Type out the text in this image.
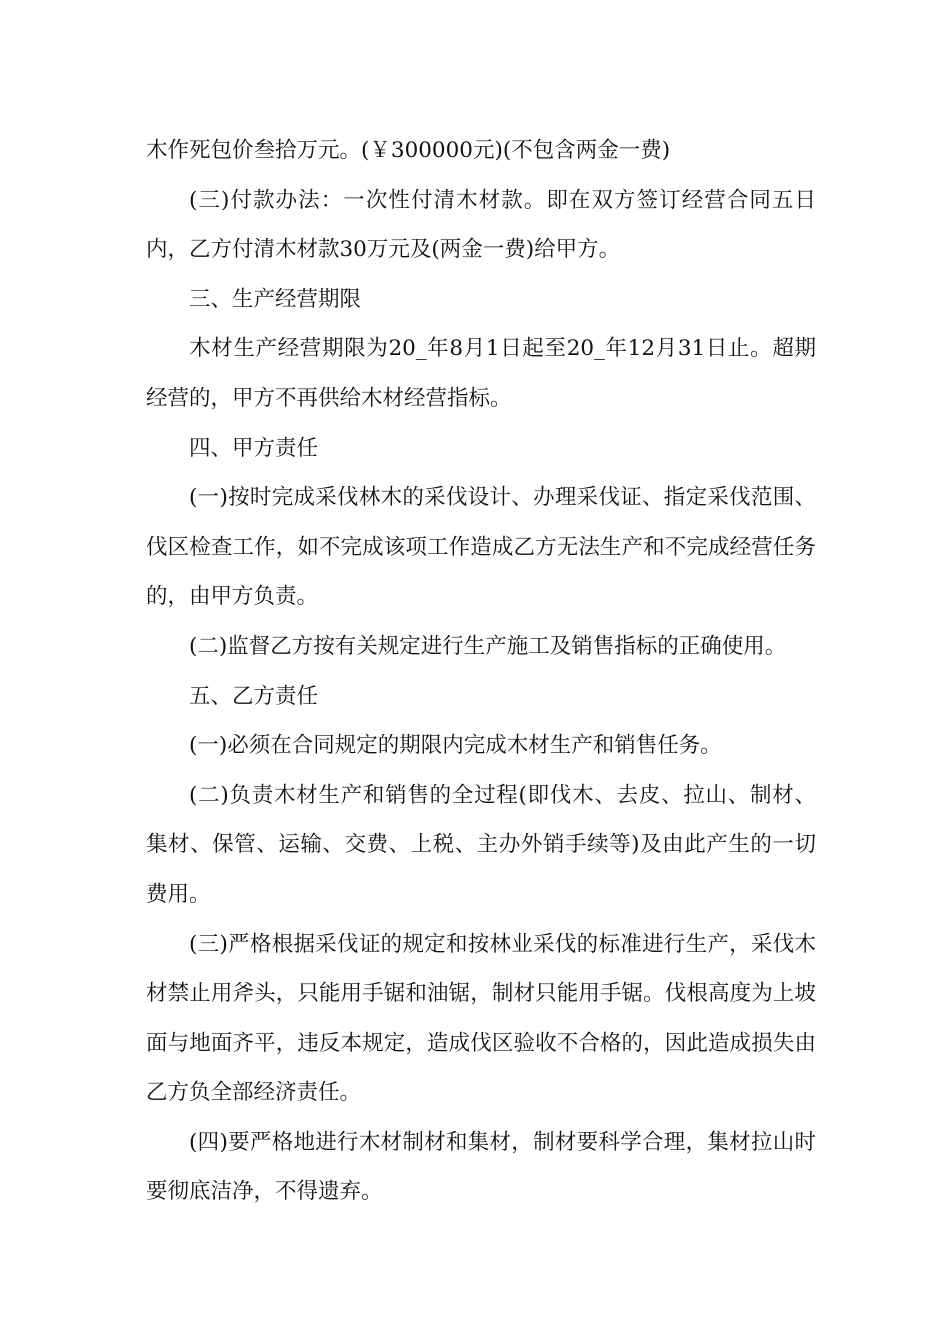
木作死包价叁拾万元。(￥300000元)(不包含两金一费)

(三)付款办法：一次性付清木材款。即在双方签订经营合同五日内，乙方付清木材款30万元及(两金一费)给甲方。

三、生产经营期限

木材生产经营期限为20_年8月1日起至20_年12月31日止。超期经营的，甲方不再供给木材经营指标。

四、甲方责任

(一)按时完成采伐林木的采伐设计、办理采伐证、指定采伐范围、伐区检查工作，如不完成该项工作造成乙方无法生产和不完成经营任务的，由甲方负责。

(二)监督乙方按有关规定进行生产施工及销售指标的正确使用。

五、乙方责任

(一)必须在合同规定的期限内完成木材生产和销售任务。

(二)负责木材生产和销售的全过程(即伐木、去皮、拉山、制材、集材、保管、运输、交费、上税、主办外销手续等)及由此产生的一切费用。

(三)严格根据采伐证的规定和按林业采伐的标准进行生产，采伐木材禁止用斧头，只能用手锯和油锯，制材只能用手锯。伐根高度为上坡面与地面齐平，违反本规定，造成伐区验收不合格的，因此造成损失由乙方负全部经济责任。

(四)要严格地进行木材制材和集材，制材要科学合理，集材拉山时要彻底洁净，不得遗弃。
